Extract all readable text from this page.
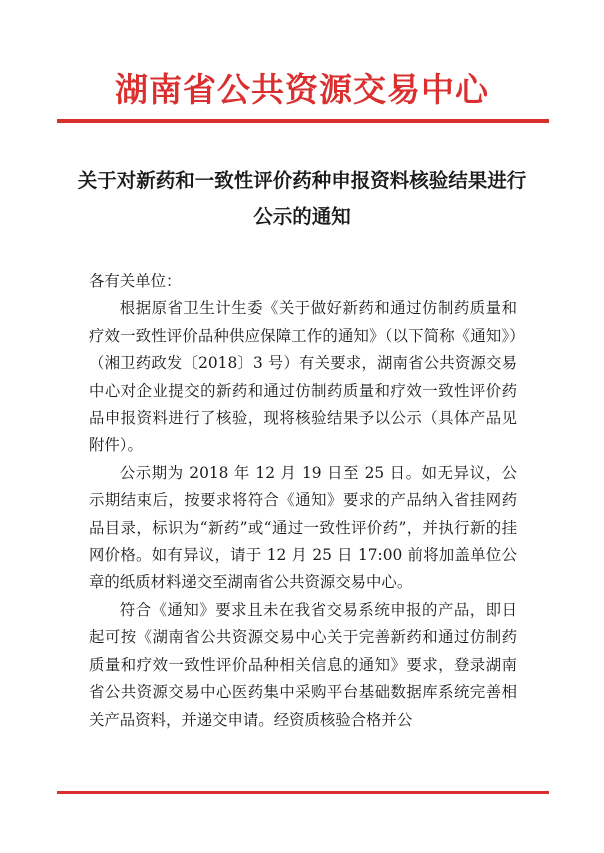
湖南省公共资源交易中心
关于对新药和一致性评价药种申报资料核验结果进行公示的通知

各有关单位：

根据原省卫生计生委《关于做好新药和通过仿制药质量和疗效一致性评价品种供应保障工作的通知》（以下简称《通知》）（湘卫药政发〔2018〕3 号）有关要求，湖南省公共资源交易中心对企业提交的新药和通过仿制药质量和疗效一致性评价药品申报资料进行了核验，现将核验结果予以公示（具体产品见附件）。

公示期为 2018 年 12 月 19 日至 25 日。如无异议，公示期结束后，按要求将符合《通知》要求的产品纳入省挂网药品目录，标识为“新药”或“通过一致性评价药”，并执行新的挂网价格。如有异议，请于 12 月 25 日 17:00 前将加盖单位公章的纸质材料递交至湖南省公共资源交易中心。

符合《通知》要求且未在我省交易系统申报的产品，即日起可按《湖南省公共资源交易中心关于完善新药和通过仿制药质量和疗效一致性评价品种相关信息的通知》要求，登录湖南省公共资源交易中心医药集中采购平台基础数据库系统完善相关产品资料，并递交申请。经资质核验合格并公
